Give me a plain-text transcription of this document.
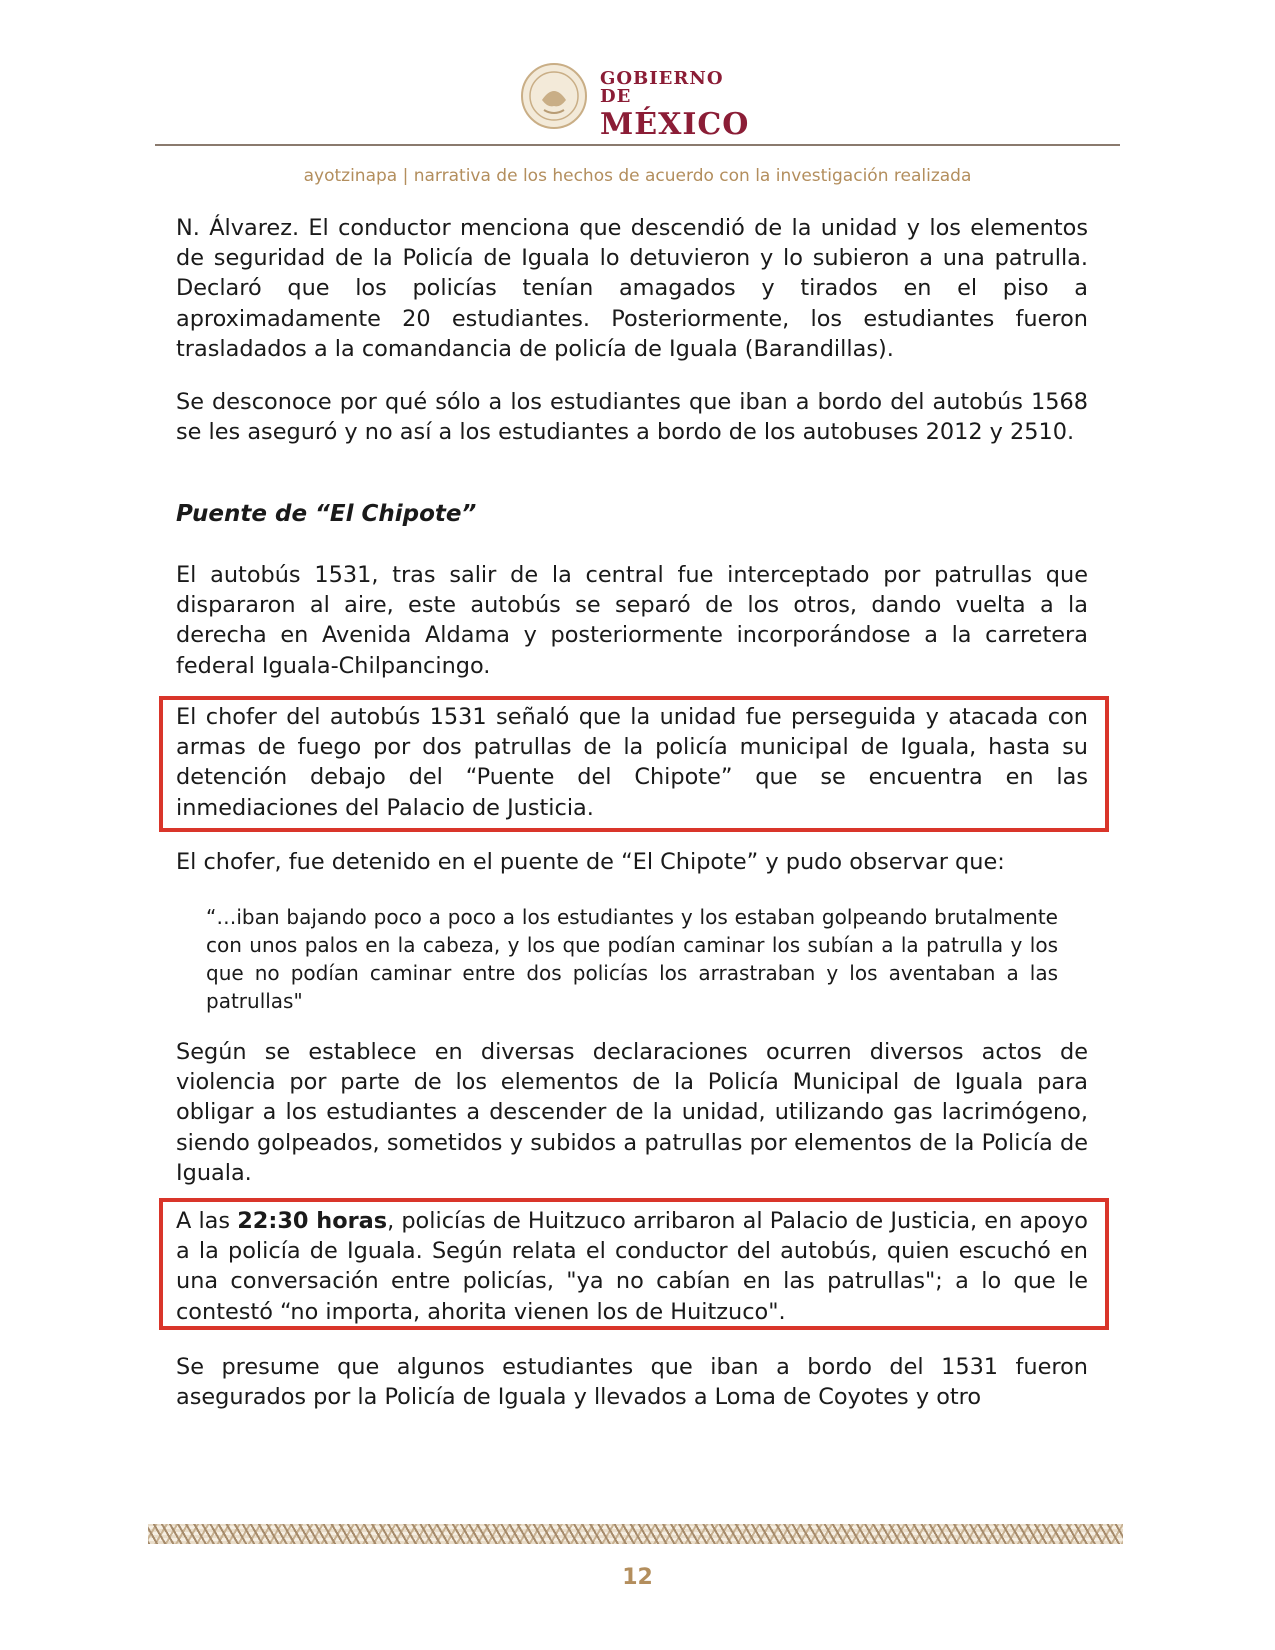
GOBIERNO DE
MÉXICO
ayotzinapa | narrativa de los hechos de acuerdo con la investigación realizada
N. Álvarez. El conductor menciona que descendió de la unidad y los elementos de seguridad de la Policía de Iguala lo detuvieron y lo subieron a una patrulla. Declaró que los policías tenían amagados y tirados en el piso a aproximadamente 20 estudiantes. Posteriormente, los estudiantes fueron trasladados a la comandancia de policía de Iguala (Barandillas).
Se desconoce por qué sólo a los estudiantes que iban a bordo del autobús 1568 se les aseguró y no así a los estudiantes a bordo de los autobuses 2012 y 2510.
Puente de “El Chipote”
El autobús 1531, tras salir de la central fue interceptado por patrullas que dispararon al aire, este autobús se separó de los otros, dando vuelta a la derecha en Avenida Aldama y posteriormente incorporándose a la carretera federal Iguala-Chilpancingo.
El chofer del autobús 1531 señaló que la unidad fue perseguida y atacada con armas de fuego por dos patrullas de la policía municipal de Iguala, hasta su detención debajo del “Puente del Chipote” que se encuentra en las inmediaciones del Palacio de Justicia.
El chofer, fue detenido en el puente de “El Chipote” y pudo observar que:
“…iban bajando poco a poco a los estudiantes y los estaban golpeando brutalmente con unos palos en la cabeza, y los que podían caminar los subían a la patrulla y los que no podían caminar entre dos policías los arrastraban y los aventaban a las patrullas"
Según se establece en diversas declaraciones ocurren diversos actos de violencia por parte de los elementos de la Policía Municipal de Iguala para obligar a los estudiantes a descender de la unidad, utilizando gas lacrimógeno, siendo golpeados, sometidos y subidos a patrullas por elementos de la Policía de Iguala.
A las 22:30 horas, policías de Huitzuco arribaron al Palacio de Justicia, en apoyo a la policía de Iguala. Según relata el conductor del autobús, quien escuchó en una conversación entre policías, "ya no cabían en las patrullas"; a lo que le contestó “no importa, ahorita vienen los de Huitzuco".
Se presume que algunos estudiantes que iban a bordo del 1531 fueron asegurados por la Policía de Iguala y llevados a Loma de Coyotes y otro
12
